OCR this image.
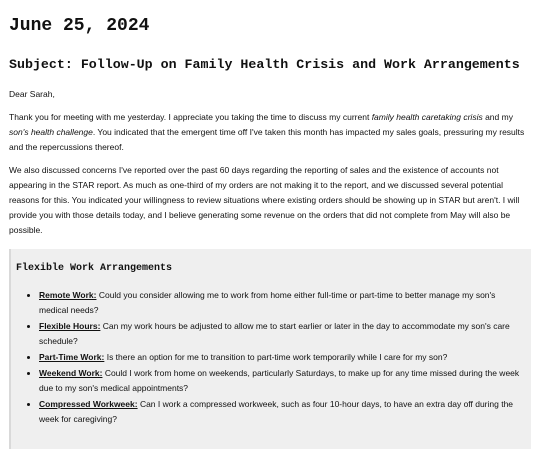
June 25, 2024
Subject: Follow-Up on Family Health Crisis and Work Arrangements

Dear Sarah,

Thank you for meeting with me yesterday. I appreciate you taking the time to discuss my current family health caretaking crisis and my son's health challenge. You indicated that the emergent time off I've taken this month has impacted my sales goals, pressuring my results and the repercussions thereof.

We also discussed concerns I've reported over the past 60 days regarding the reporting of sales and the existence of accounts not appearing in the STAR report. As much as one-third of my orders are not making it to the report, and we discussed several potential reasons for this. You indicated your willingness to review situations where existing orders should be showing up in STAR but aren't. I will provide you with those details today, and I believe generating some revenue on the orders that did not complete from May will also be possible.

Flexible Work Arrangements
• Remote Work: Could you consider allowing me to work from home either full-time or part-time to better manage my son's medical needs?
• Flexible Hours: Can my work hours be adjusted to allow me to start earlier or later in the day to accommodate my son's care schedule?
• Part-Time Work: Is there an option for me to transition to part-time work temporarily while I care for my son?
• Weekend Work: Could I work from home on weekends, particularly Saturdays, to make up for any time missed during the week due to my son's medical appointments?
• Compressed Workweek: Can I work a compressed workweek, such as four 10-hour days, to have an extra day off during the week for caregiving?
